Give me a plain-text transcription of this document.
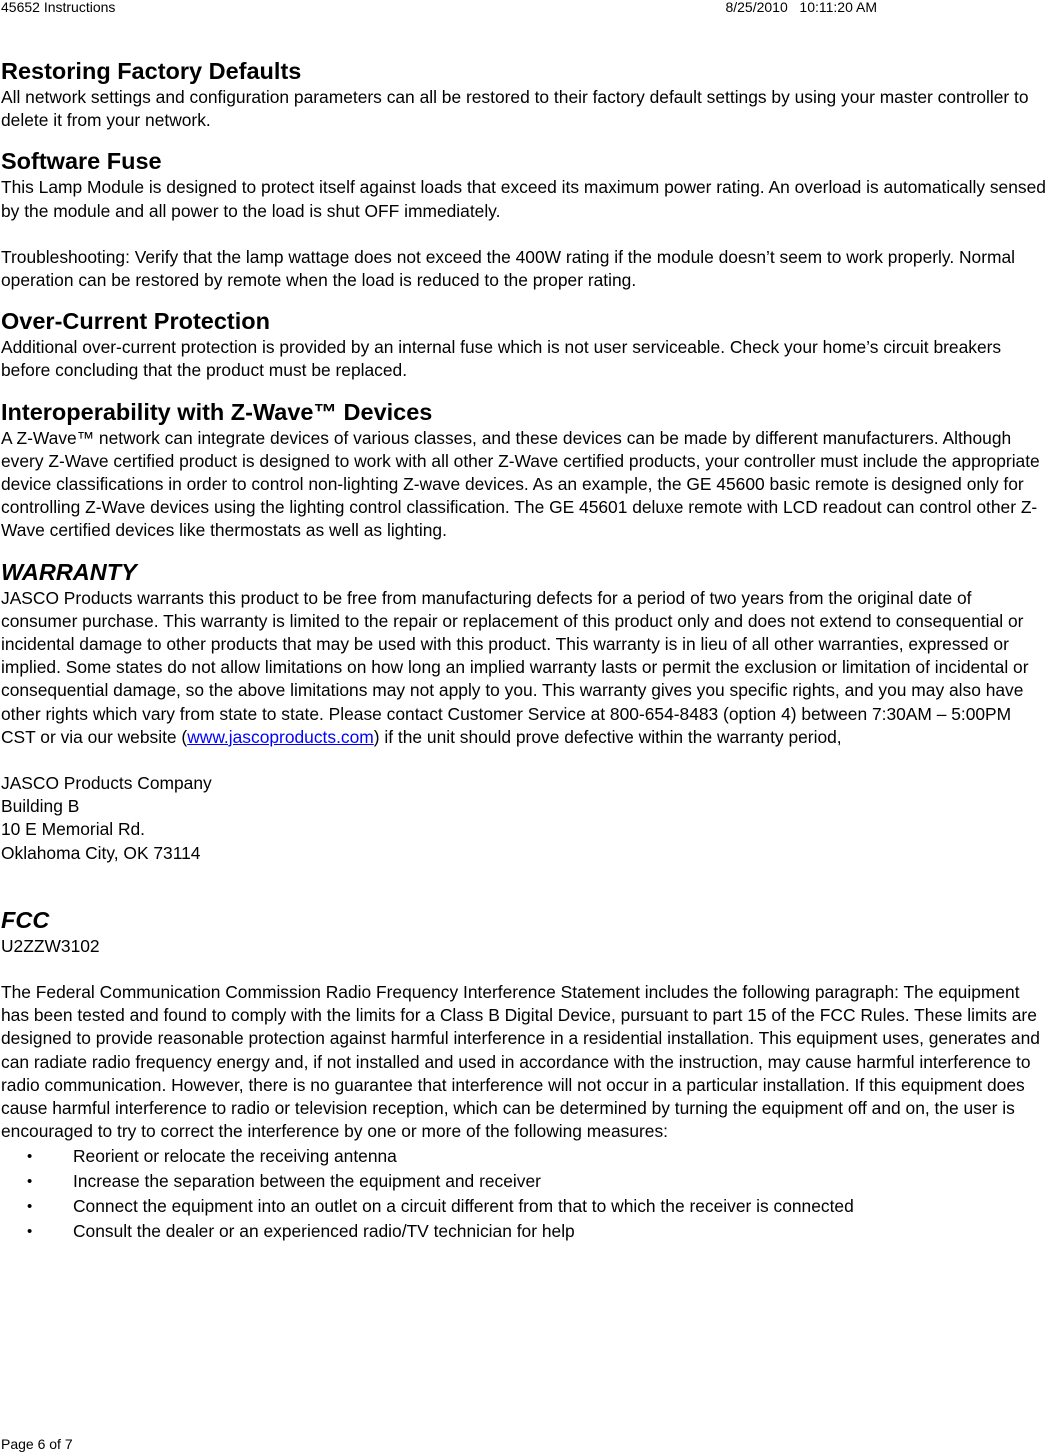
45652 Instructions	8/25/2010   10:11:20 AM
Restoring Factory Defaults

All network settings and configuration parameters can all be restored to their factory default settings by using your master controller to delete it from your network.

Software Fuse

This Lamp Module is designed to protect itself against loads that exceed its maximum power rating. An overload is automatically sensed by the module and all power to the load is shut OFF immediately.

Troubleshooting: Verify that the lamp wattage does not exceed the 400W rating if the module doesn’t seem to work properly. Normal operation can be restored by remote when the load is reduced to the proper rating.

Over-Current Protection

Additional over-current protection is provided by an internal fuse which is not user serviceable. Check your home’s circuit breakers before concluding that the product must be replaced.

Interoperability with Z-Wave™ Devices

A Z-Wave™ network can integrate devices of various classes, and these devices can be made by different manufacturers. Although every Z-Wave certified product is designed to work with all other Z-Wave certified products, your controller must include the appropriate device classifications in order to control non-lighting Z-wave devices. As an example, the GE 45600 basic remote is designed only for controlling Z-Wave devices using the lighting control classification. The GE 45601 deluxe remote with LCD readout can control other Z-Wave certified devices like thermostats as well as lighting.

WARRANTY

JASCO Products warrants this product to be free from manufacturing defects for a period of two years from the original date of consumer purchase. This warranty is limited to the repair or replacement of this product only and does not extend to consequential or incidental damage to other products that may be used with this product. This warranty is in lieu of all other warranties, expressed or implied. Some states do not allow limitations on how long an implied warranty lasts or permit the exclusion or limitation of incidental or consequential damage, so the above limitations may not apply to you. This warranty gives you specific rights, and you may also have other rights which vary from state to state. Please contact Customer Service at 800-654-8483 (option 4) between 7:30AM – 5:00PM CST or via our website (www.jascoproducts.com) if the unit should prove defective within the warranty period,

JASCO Products Company

Building B

10 E Memorial Rd.

Oklahoma City, OK 73114

FCC

U2ZZW3102

The Federal Communication Commission Radio Frequency Interference Statement includes the following paragraph: The equipment has been tested and found to comply with the limits for a Class B Digital Device, pursuant to part 15 of the FCC Rules. These limits are designed to provide reasonable protection against harmful interference in a residential installation. This equipment uses, generates and can radiate radio frequency energy and, if not installed and used in accordance with the instruction, may cause harmful interference to radio communication. However, there is no guarantee that interference will not occur in a particular installation. If this equipment does cause harmful interference to radio or television reception, which can be determined by turning the equipment off and on, the user is encouraged to try to correct the interference by one or more of the following measures:

• Reorient or relocate the receiving antenna
• Increase the separation between the equipment and receiver
• Connect the equipment into an outlet on a circuit different from that to which the receiver is connected
• Consult the dealer or an experienced radio/TV technician for help
Page 6 of 7
